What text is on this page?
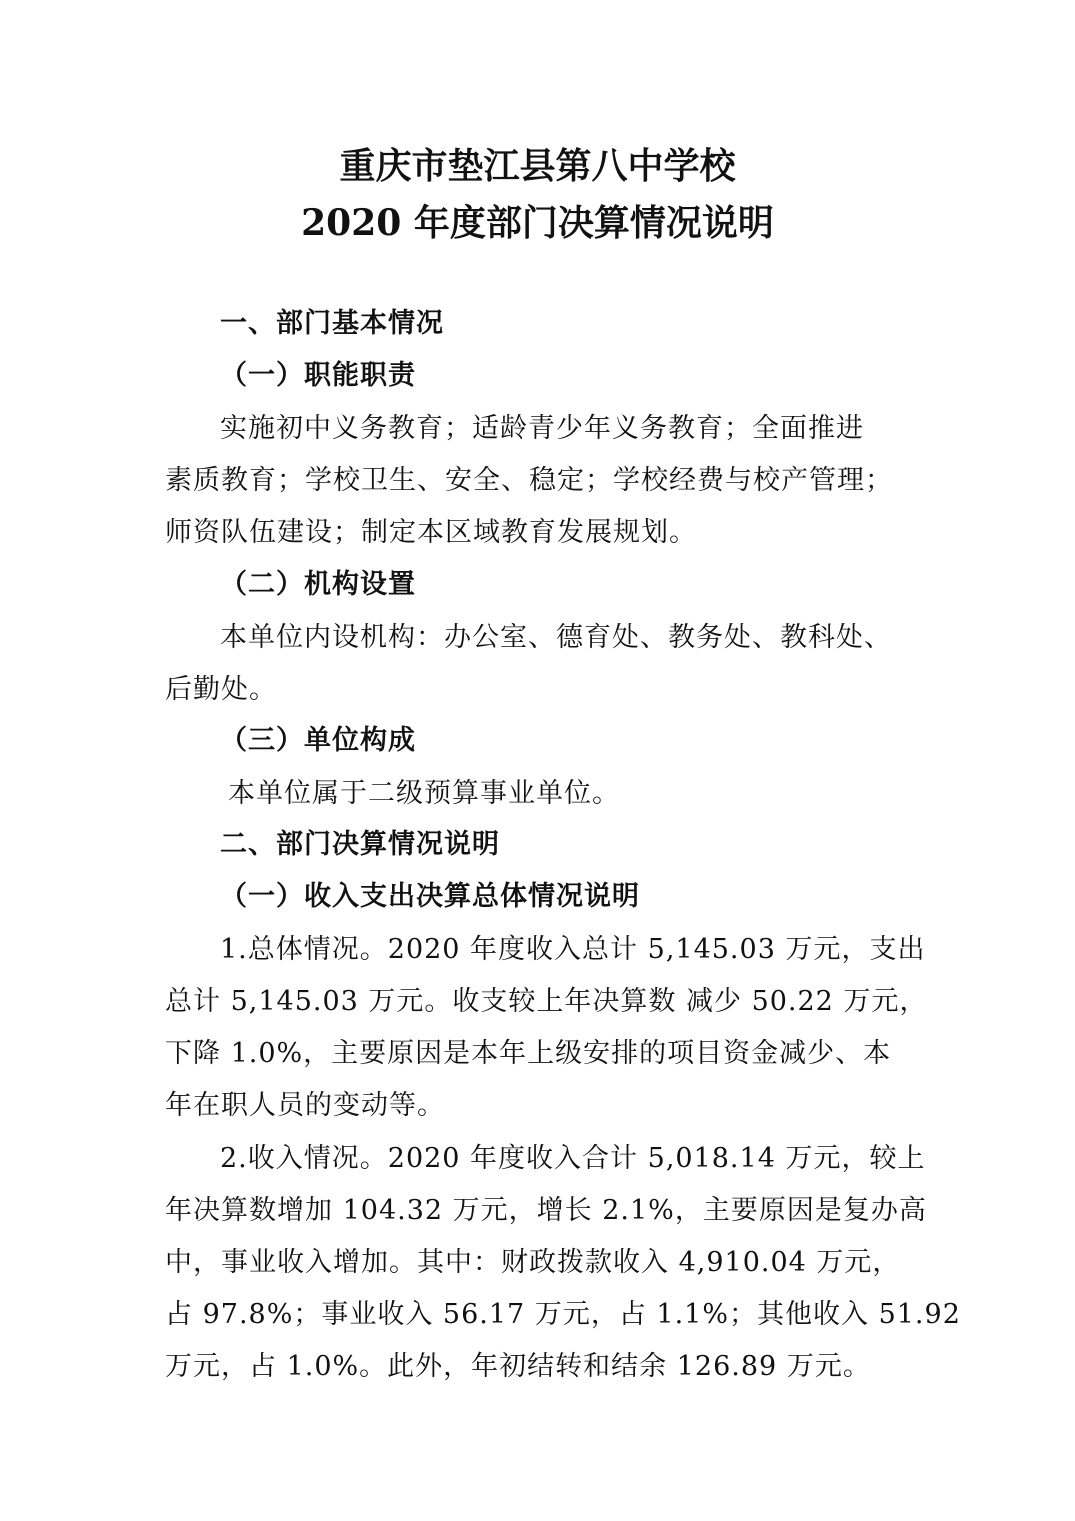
重庆市垫江县第八中学校
2020 年度部门决算情况说明
一、部门基本情况
（一）职能职责
实施初中义务教育；适龄青少年义务教育；全面推进
素质教育；学校卫生、安全、稳定；学校经费与校产管理；
师资队伍建设；制定本区域教育发展规划。
（二）机构设置
本单位内设机构：办公室、德育处、教务处、教科处、
后勤处。
（三）单位构成
本单位属于二级预算事业单位。
二、部门决算情况说明
（一）收入支出决算总体情况说明
1.总体情况。2020 年度收入总计 5,145.03 万元，支出
总计 5,145.03 万元。收支较上年决算数 减少 50.22 万元，
下降 1.0%，主要原因是本年上级安排的项目资金减少、本
年在职人员的变动等。
2.收入情况。2020 年度收入合计 5,018.14 万元，较上
年决算数增加 104.32 万元，增长 2.1%，主要原因是复办高
中，事业收入增加。其中：财政拨款收入 4,910.04 万元，
占 97.8%；事业收入 56.17 万元，占 1.1%；其他收入 51.92
万元，占 1.0%。此外，年初结转和结余 126.89 万元。
